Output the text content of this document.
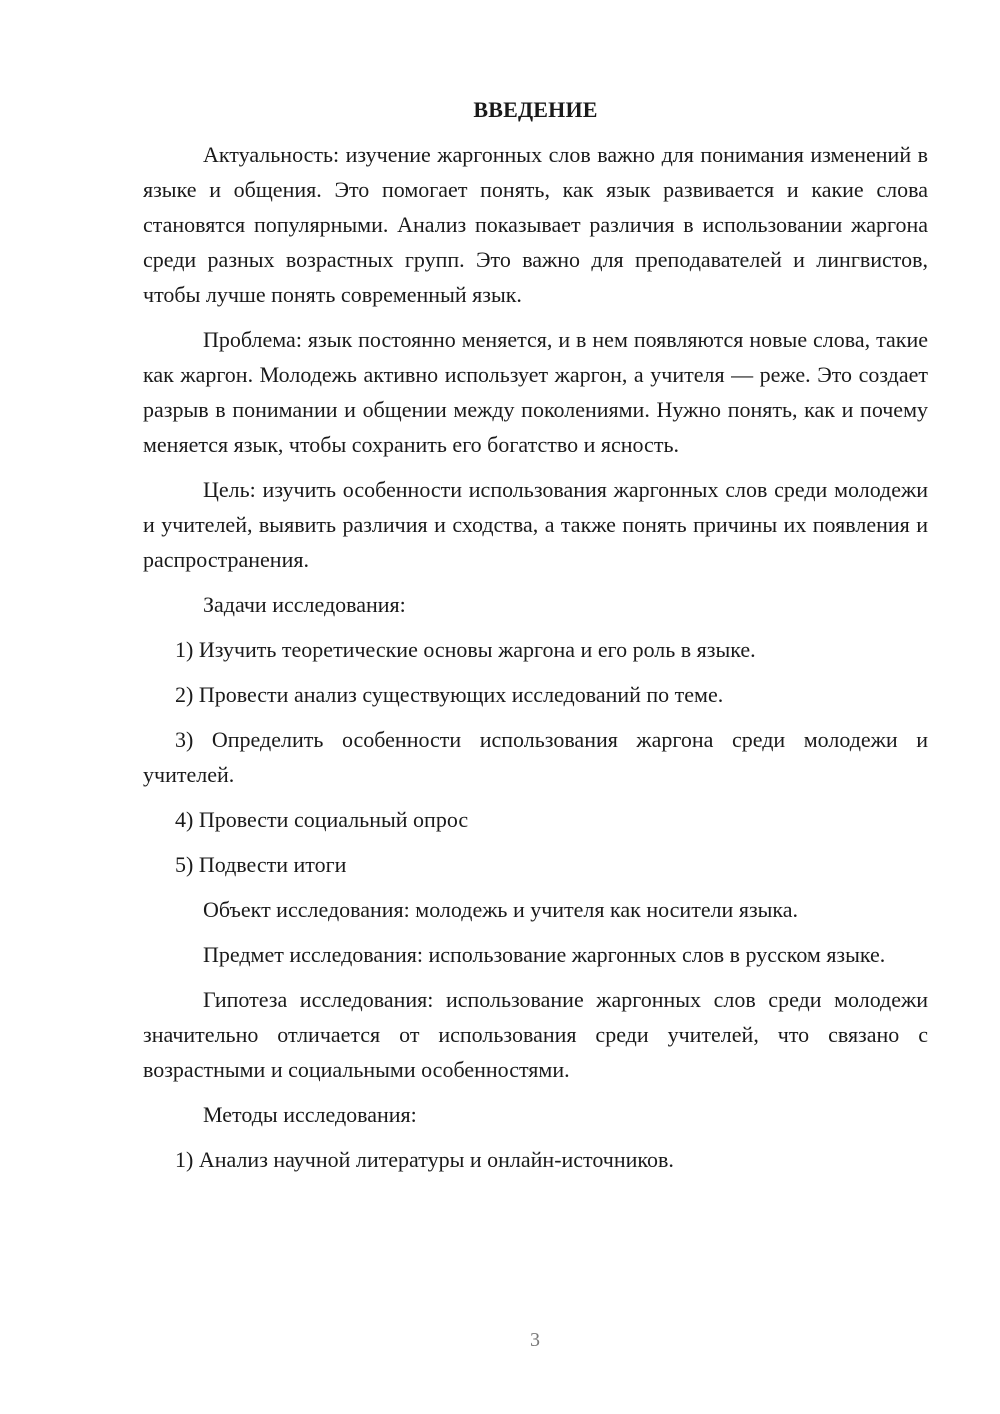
ВВЕДЕНИЕ

Актуальность: изучение жаргонных слов важно для понимания изменений в языке и общения. Это помогает понять, как язык развивается и какие слова становятся популярными. Анализ показывает различия в использовании жаргона среди разных возрастных групп. Это важно для преподавателей и лингвистов, чтобы лучше понять современный язык.

Проблема: язык постоянно меняется, и в нем появляются новые слова, такие как жаргон. Молодежь активно использует жаргон, а учителя — реже. Это создает разрыв в понимании и общении между поколениями. Нужно понять, как и почему меняется язык, чтобы сохранить его богатство и ясность.

Цель: изучить особенности использования жаргонных слов среди молодежи и учителей, выявить различия и сходства, а также понять причины их появления и распространения.

Задачи исследования:

1) Изучить теоретические основы жаргона и его роль в языке.

2) Провести анализ существующих исследований по теме.

3) Определить особенности использования жаргона среди молодежи и учителей.

4) Провести социальный опрос

5) Подвести итоги

Объект исследования: молодежь и учителя как носители языка.

Предмет исследования: использование жаргонных слов в русском языке.

Гипотеза исследования: использование жаргонных слов среди молодежи значительно отличается от использования среди учителей, что связано с возрастными и социальными особенностями.

Методы исследования:

1) Анализ научной литературы и онлайн-источников.

3
